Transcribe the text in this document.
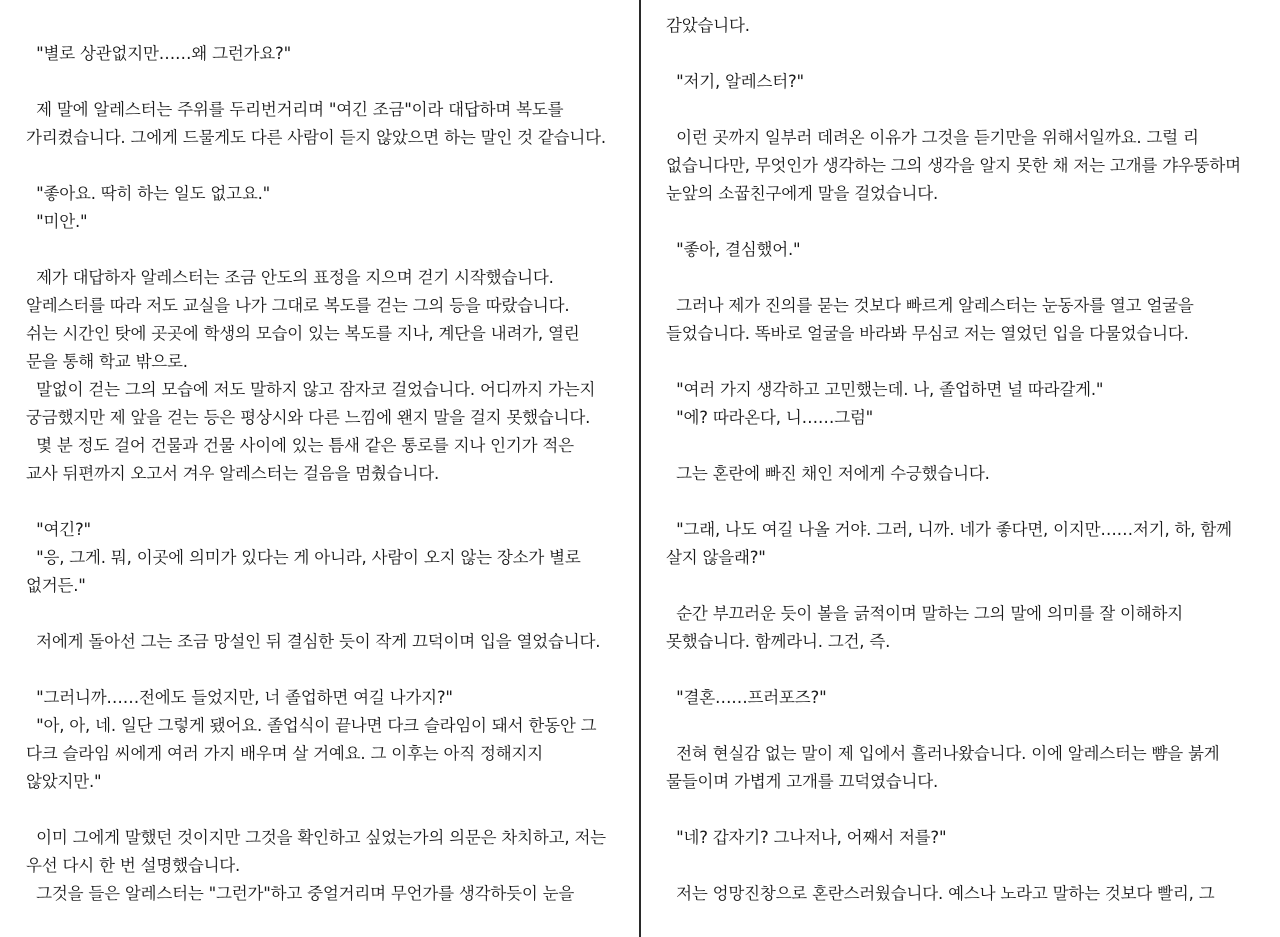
"별로 상관없지만……왜 그런가요?"
제 말에 알레스터는 주위를 두리번거리며 "여긴 조금"이라 대답하며 복도를
가리켰습니다. 그에게 드물게도 다른 사람이 듣지 않았으면 하는 말인 것 같습니다.
"좋아요. 딱히 하는 일도 없고요."
"미안."
제가 대답하자 알레스터는 조금 안도의 표정을 지으며 걷기 시작했습니다.
알레스터를 따라 저도 교실을 나가 그대로 복도를 걷는 그의 등을 따랐습니다.
쉬는 시간인 탓에 곳곳에 학생의 모습이 있는 복도를 지나, 계단을 내려가, 열린
문을 통해 학교 밖으로.
말없이 걷는 그의 모습에 저도 말하지 않고 잠자코 걸었습니다. 어디까지 가는지
궁금했지만 제 앞을 걷는 등은 평상시와 다른 느낌에 왠지 말을 걸지 못했습니다.
몇 분 정도 걸어 건물과 건물 사이에 있는 틈새 같은 통로를 지나 인기가 적은
교사 뒤편까지 오고서 겨우 알레스터는 걸음을 멈췄습니다.
"여긴?"
"응, 그게. 뭐, 이곳에 의미가 있다는 게 아니라, 사람이 오지 않는 장소가 별로
없거든."
저에게 돌아선 그는 조금 망설인 뒤 결심한 듯이 작게 끄덕이며 입을 열었습니다.
"그러니까……전에도 들었지만, 너 졸업하면 여길 나가지?"
"아, 아, 네. 일단 그렇게 됐어요. 졸업식이 끝나면 다크 슬라임이 돼서 한동안 그
다크 슬라임 씨에게 여러 가지 배우며 살 거예요. 그 이후는 아직 정해지지
않았지만."
이미 그에게 말했던 것이지만 그것을 확인하고 싶었는가의 의문은 차치하고, 저는
우선 다시 한 번 설명했습니다.
그것을 들은 알레스터는 "그런가"하고 중얼거리며 무언가를 생각하듯이 눈을
감았습니다.
"저기, 알레스터?"
이런 곳까지 일부러 데려온 이유가 그것을 듣기만을 위해서일까요. 그럴 리
없습니다만, 무엇인가 생각하는 그의 생각을 알지 못한 채 저는 고개를 갸우뚱하며
눈앞의 소꿉친구에게 말을 걸었습니다.
"좋아, 결심했어."
그러나 제가 진의를 묻는 것보다 빠르게 알레스터는 눈동자를 열고 얼굴을
들었습니다. 똑바로 얼굴을 바라봐 무심코 저는 열었던 입을 다물었습니다.
"여러 가지 생각하고 고민했는데. 나, 졸업하면 널 따라갈게."
"에? 따라온다, 니……그럼"
그는 혼란에 빠진 채인 저에게 수긍했습니다.
"그래, 나도 여길 나올 거야. 그러, 니까. 네가 좋다면, 이지만……저기, 하, 함께
살지 않을래?"
순간 부끄러운 듯이 볼을 긁적이며 말하는 그의 말에 의미를 잘 이해하지
못했습니다. 함께라니. 그건, 즉.
"결혼……프러포즈?"
전혀 현실감 없는 말이 제 입에서 흘러나왔습니다. 이에 알레스터는 뺨을 붉게
물들이며 가볍게 고개를 끄덕였습니다.
"네? 갑자기? 그나저나, 어째서 저를?"
저는 엉망진창으로 혼란스러웠습니다. 예스나 노라고 말하는 것보다 빨리, 그
